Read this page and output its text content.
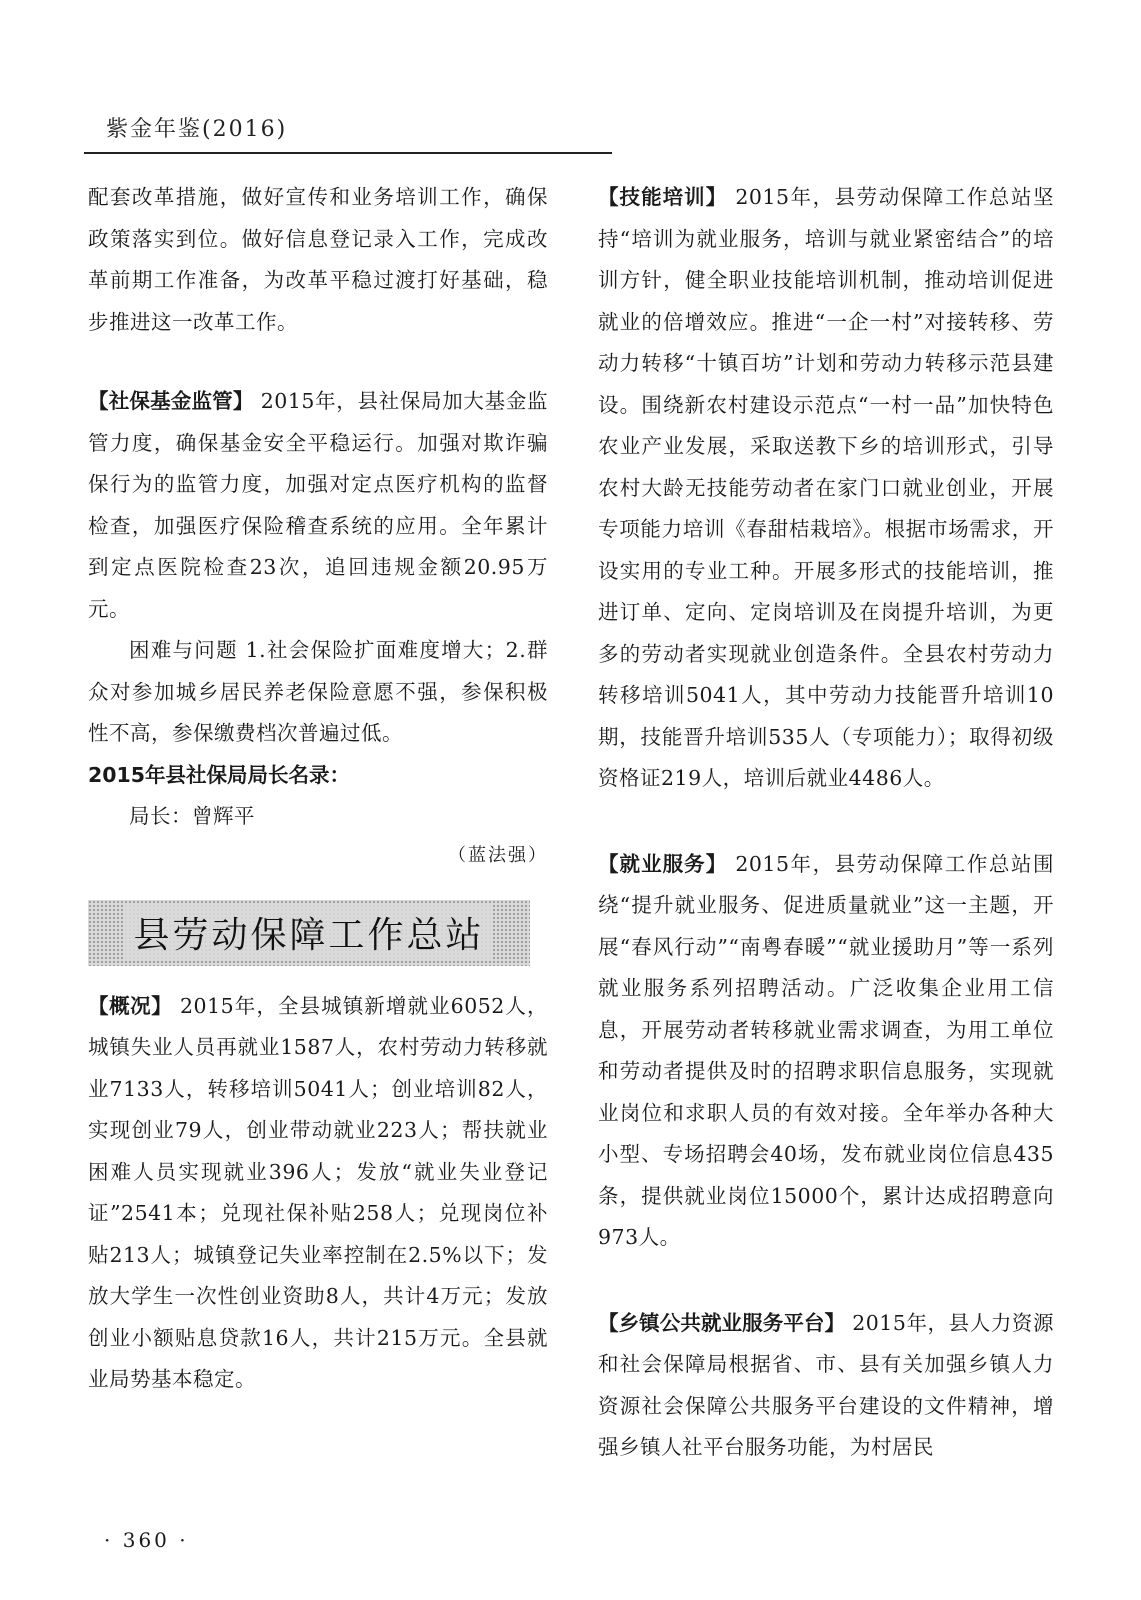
紫金年鉴(2016)

配套改革措施，做好宣传和业务培训工作，确保政策落实到位。做好信息登记录入工作，完成改革前期工作准备，为改革平稳过渡打好基础，稳步推进这一改革工作。

【社保基金监管】 2015年，县社保局加大基金监管力度，确保基金安全平稳运行。加强对欺诈骗保行为的监管力度，加强对定点医疗机构的监督检查，加强医疗保险稽查系统的应用。全年累计到定点医院检查23次，追回违规金额20.95万元。

困难与问题 1.社会保险扩面难度增大；2.群众对参加城乡居民养老保险意愿不强，参保积极性不高，参保缴费档次普遍过低。

2015年县社保局局长名录：

局长：曾辉平

（蓝法强）

县劳动保障工作总站

【概况】 2015年，全县城镇新增就业6052人，城镇失业人员再就业1587人，农村劳动力转移就业7133人，转移培训5041人；创业培训82人，实现创业79人，创业带动就业223人；帮扶就业困难人员实现就业396人；发放“就业失业登记证”2541本；兑现社保补贴258人；兑现岗位补贴213人；城镇登记失业率控制在2.5%以下；发放大学生一次性创业资助8人，共计4万元；发放创业小额贴息贷款16人，共计215万元。全县就业局势基本稳定。

【技能培训】 2015年，县劳动保障工作总站坚持“培训为就业服务，培训与就业紧密结合”的培训方针，健全职业技能培训机制，推动培训促进就业的倍增效应。推进“一企一村”对接转移、劳动力转移“十镇百坊”计划和劳动力转移示范县建设。围绕新农村建设示范点“一村一品”加快特色农业产业发展，采取送教下乡的培训形式，引导农村大龄无技能劳动者在家门口就业创业，开展专项能力培训《春甜桔栽培》。根据市场需求，开设实用的专业工种。开展多形式的技能培训，推进订单、定向、定岗培训及在岗提升培训，为更多的劳动者实现就业创造条件。全县农村劳动力转移培训5041人，其中劳动力技能晋升培训10期，技能晋升培训535人（专项能力）；取得初级资格证219人，培训后就业4486人。

【就业服务】 2015年，县劳动保障工作总站围绕“提升就业服务、促进质量就业”这一主题，开展“春风行动”“南粤春暖”“就业援助月”等一系列就业服务系列招聘活动。广泛收集企业用工信息，开展劳动者转移就业需求调查，为用工单位和劳动者提供及时的招聘求职信息服务，实现就业岗位和求职人员的有效对接。全年举办各种大小型、专场招聘会40场，发布就业岗位信息435条，提供就业岗位15000个，累计达成招聘意向973人。

【乡镇公共就业服务平台】 2015年，县人力资源和社会保障局根据省、市、县有关加强乡镇人力资源社会保障公共服务平台建设的文件精神，增强乡镇人社平台服务功能，为村居民

· 360 ·
